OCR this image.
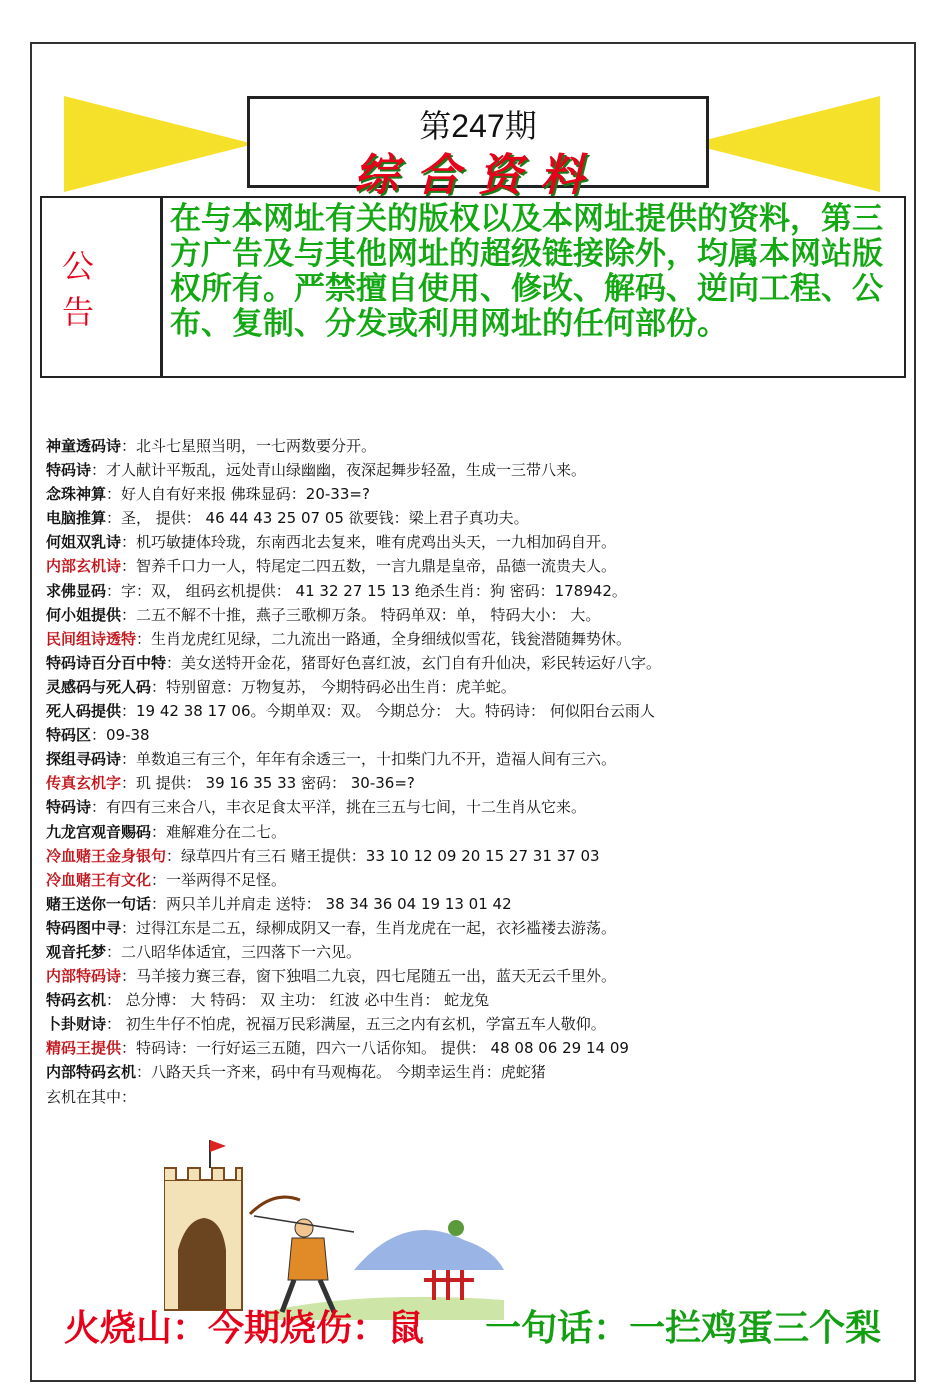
第247期
综合资料
公告
在与本网址有关的版权以及本网址提供的资料，第三方广告及与其他网址的超级链接除外，均属本网站版权所有。严禁擅自使用、修改、解码、逆向工程、公布、复制、分发或利用网址的任何部份。
神童透码诗：北斗七星照当明，一七两数要分开。
特码诗：才人献计平叛乱，远处青山绿幽幽，夜深起舞步轻盈，生成一三带八来。
念珠神算：好人自有好来报 佛珠显码：20-33=?
电脑推算：圣， 提供： 46 44 43 25 07 05 欲要钱：梁上君子真功夫。
何姐双乳诗：机巧敏捷体玲珑，东南西北去复来，唯有虎鸡出头天，一九相加码自开。
内部玄机诗：智养千口力一人，特尾定二四五数，一言九鼎是皇帝，品德一流贵夫人。
求佛显码：字：双， 组码玄机提供： 41 32 27 15 13 绝杀生肖：狗 密码：178942。
何小姐提供：二五不解不十推，燕子三歌柳万条。 特码单双：单， 特码大小： 大。
民间组诗透特：生肖龙虎红见绿，二九流出一路通，全身细绒似雪花，钱瓮潜随舞势休。
特码诗百分百中特：美女送特开金花，猪哥好色喜红波，玄门自有升仙决，彩民转运好八字。
灵感码与死人码：特别留意：万物复苏， 今期特码必出生肖：虎羊蛇。
死人码提供：19 42 38 17 06。今期单双：双。 今期总分： 大。特码诗： 何似阳台云雨人
特码区：09-38
探组寻码诗：单数追三有三个，年年有余透三一，十扣柴门九不开，造福人间有三六。
传真玄机字：玑 提供： 39 16 35 33 密码： 30-36=?
特码诗：有四有三来合八，丰衣足食太平洋，挑在三五与七间，十二生肖从它来。
九龙宫观音赐码：难解难分在二七。
冷血赌王金身银句：绿草四片有三石 赌王提供：33 10 12 09 20 15 27 31 37 03
冷血赌王有文化：一举两得不足怪。
赌王送你一句话：两只羊儿并肩走 送特： 38 34 36 04 19 13 01 42
特码图中寻：过得江东是二五，绿柳成阴又一春，生肖龙虎在一起，衣衫褴褛去游荡。
观音托梦：二八昭华体适宜，三四落下一六见。
内部特码诗：马羊接力赛三春，窗下独唱二九哀，四七尾随五一出，蓝天无云千里外。
特码玄机： 总分博： 大 特码： 双 主功： 红波 必中生肖： 蛇龙兔
卜卦财诗： 初生牛仔不怕虎，祝福万民彩满屋，五三之内有玄机，学富五车人敬仰。
精码王提供：特码诗：一行好运三五随，四六一八话你知。 提供： 48 08 06 29 14 09
内部特码玄机：八路天兵一齐来，码中有马观梅花。 今期幸运生肖：虎蛇猪
玄机在其中：
火烧山：今期烧伤：鼠 一句话：一拦鸡蛋三个梨
